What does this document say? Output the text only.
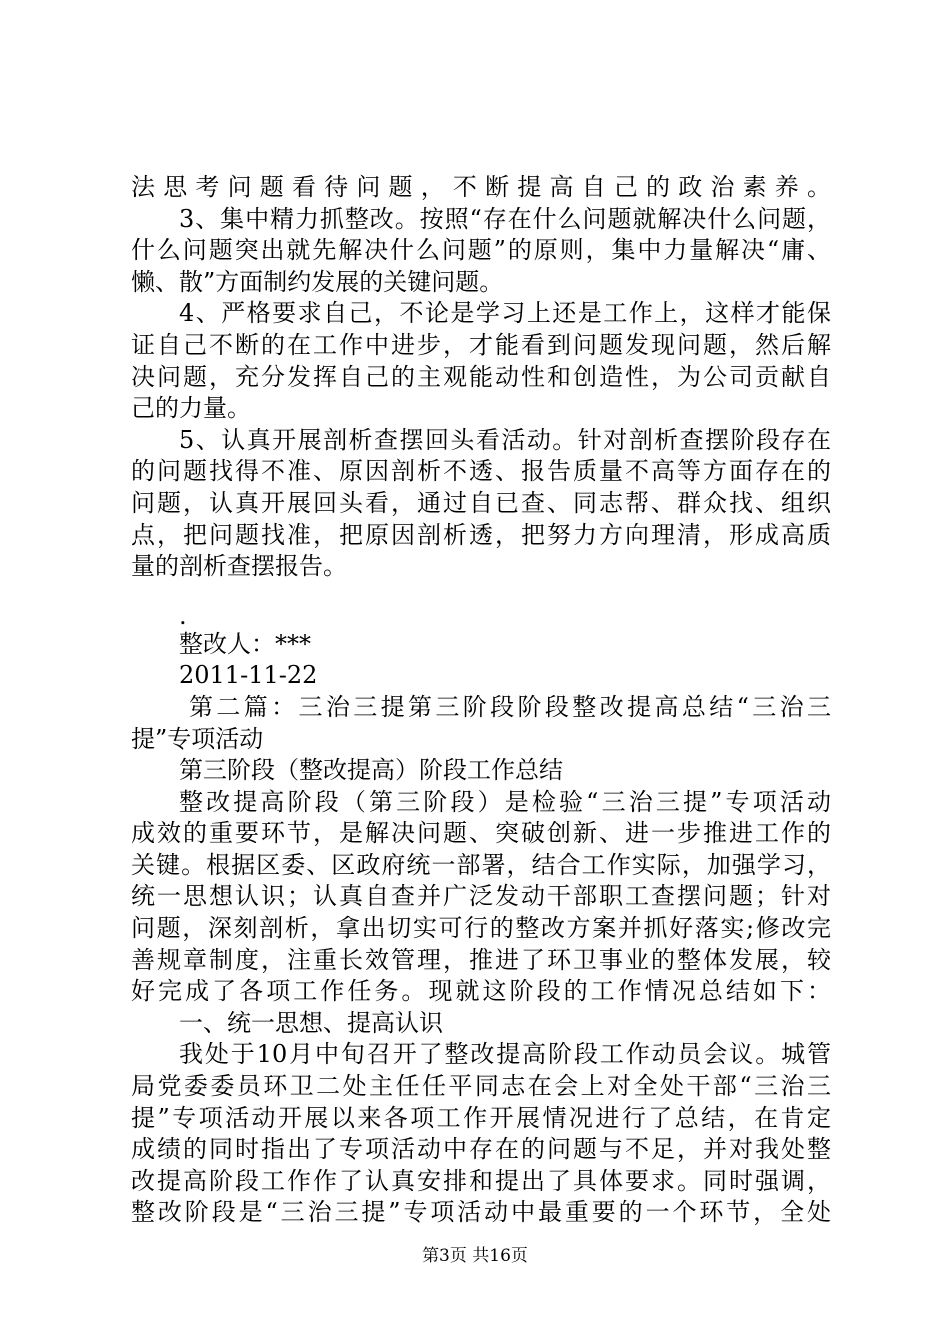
法思考问题看待问题，不断提高自己的政治素养。
3、集中精力抓整改。按照“存在什么问题就解决什么问题，
什么问题突出就先解决什么问题”的原则，集中力量解决“庸、
懒、散”方面制约发展的关键问题。
4、严格要求自己，不论是学习上还是工作上，这样才能保
证自己不断的在工作中进步，才能看到问题发现问题，然后解
决问题，充分发挥自己的主观能动性和创造性，为公司贡献自
己的力量。
5、认真开展剖析查摆回头看活动。针对剖析查摆阶段存在
的问题找得不准、原因剖析不透、报告质量不高等方面存在的
问题，认真开展回头看，通过自已查、同志帮、群众找、组织
点，把问题找准，把原因剖析透，把努力方向理清，形成高质
量的剖析查摆报告。
.
整改人：***
2011-11-22
第二篇：三治三提第三阶段阶段整改提高总结“三治三
提”专项活动
第三阶段（整改提高）阶段工作总结
整改提高阶段（第三阶段）是检验“三治三提”专项活动
成效的重要环节，是解决问题、突破创新、进一步推进工作的
关键。根据区委、区政府统一部署，结合工作实际，加强学习，
统一思想认识；认真自查并广泛发动干部职工查摆问题；针对
问题，深刻剖析，拿出切实可行的整改方案并抓好落实;修改完
善规章制度，注重长效管理，推进了环卫事业的整体发展，较
好完成了各项工作任务。现就这阶段的工作情况总结如下：
一、统一思想、提高认识
我处于10月中旬召开了整改提高阶段工作动员会议。城管
局党委委员环卫二处主任任平同志在会上对全处干部“三治三
提”专项活动开展以来各项工作开展情况进行了总结，在肯定
成绩的同时指出了专项活动中存在的问题与不足，并对我处整
改提高阶段工作作了认真安排和提出了具体要求。同时强调，
整改阶段是“三治三提”专项活动中最重要的一个环节，全处
第3页 共16页
